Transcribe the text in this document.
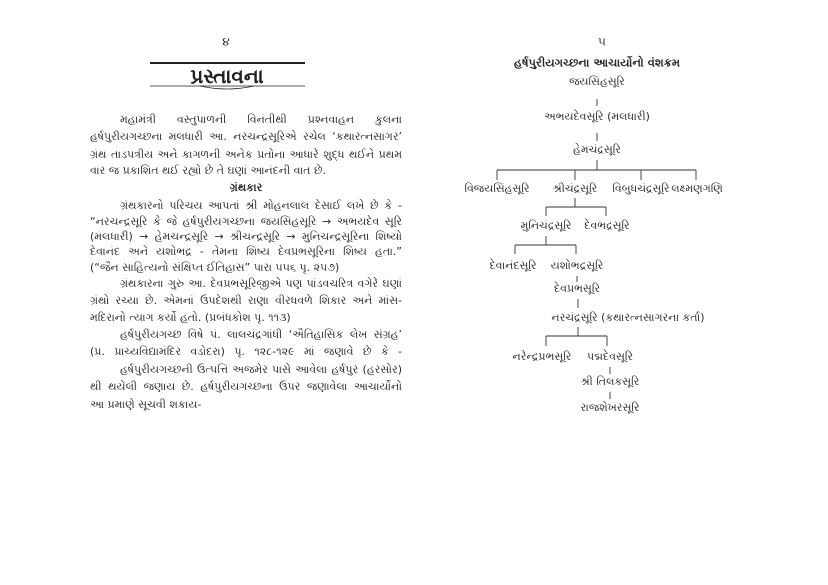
૪
પ્રસ્તાવના
મહામંત્રી વસ્તુપાળની વિનંતીથી પ્રશ્નવાહન કુલના
હર્ષપુરીયગચ્છના મલધારી આ. નરચન્દ્રસૂરિએ રચેલ ‘કથારત્નસાગર’
ગ્રંથ તાડપત્રીય અને કાગળની અનેક પ્રતોના આધારે શુદ્ધ થઈને પ્રથમ
વાર જ પ્રકાશિત થઈ રહ્યો છે તે ઘણાં આનંદની વાત છે.
ગ્રંથકાર
ગ્રંથકારનો પરિચય આપતાં શ્રી મોહનલાલ દેસાઈ લખે છે કે -
“નરચન્દ્રસૂરિ કે જે હર્ષપુરીયગચ્છના જયસિંહસૂરિ → અભયદેવ સૂરિ
(મલધારી) → હેમચન્દ્રસૂરિ → શ્રીચન્દ્રસૂરિ → મુનિચન્દ્રસૂરિના શિષ્યો
દેવાનંદ અને યશોભદ્ર - તેમના શિષ્ય દેવપ્રભસૂરિના શિષ્ય હતા.”
(“જૈન સાહિત્યનો સંક્ષિપ્ત ઈતિહાસ” પારા ૫૫૬ પૃ. ૨૫૭)
ગ્રંથકારના ગુરુ આ. દેવપ્રભસૂરિજીએ પણ પાંડવચરિત્ર વગેરે ઘણાં
ગ્રંથો રચ્યા છે. એમનાં ઉપદેશથી રાણા વીરધવળે શિકાર અને માંસ-
મદિરાનો ત્યાગ કર્યો હતો. (પ્રબંધકોશ પૃ. ૧૧૩)
હર્ષપુરીયગચ્છ વિષે પં. લાલચંદ્રગાંધી ‘ઐતિહાસિક લેખ સંગ્રહ’
(પ્ર. પ્રાચ્યવિદ્યામંદિર વડોદરા) પૃ. ૧૨૮-૧૨૯ માં જણાવે છે કે -
હર્ષપુરીયગચ્છની ઉત્પત્તિ અજમેર પાસે આવેલા હર્ષપુર (હરસોર)
થી થયેલી જણાય છે. હર્ષપુરીયગચ્છના ઉપર જણાવેલા આચાર્યોનો
આ પ્રમાણે સૂચવી શકાય-
૫
હર્ષપુરીયગચ્છના આચાર્યોનો વંશક્રમ
જયસિંહસૂરિ
અભયદેવસૂરિ (મલધારી)
હેમચંદ્રસૂરિ
વિજયસિંહસૂરિ શ્રીચંદ્રસૂરિ વિબુધચંદ્રસૂરિ લક્ષ્મણગણિ
મુનિચંદ્રસૂરિ દેવભદ્રસૂરિ
દેવાનંદસૂરિ યશોભદ્રસૂરિ
દેવપ્રભસૂરિ
નરચંદ્રસૂરિ (કથારત્નસાગરના કર્તા)
નરેન્દ્રપ્રભસૂરિ પદ્મદેવસૂરિ
શ્રી તિલકસૂરિ
રાજશેખરસૂરિ
